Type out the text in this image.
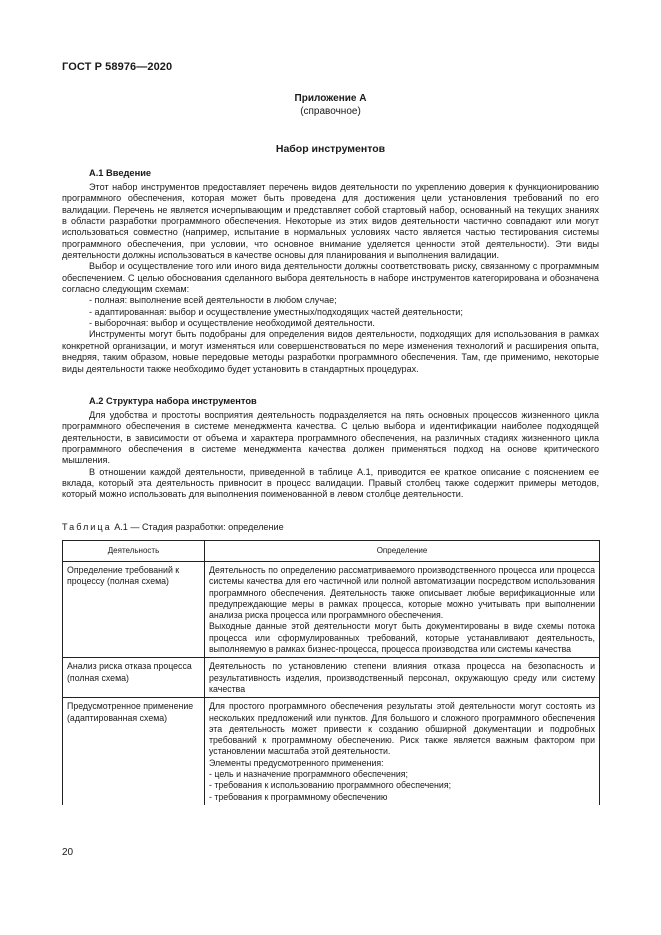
ГОСТ Р 58976—2020
Приложение А
(справочное)
Набор инструментов
А.1 Введение

Этот набор инструментов предоставляет перечень видов деятельности по укреплению доверия к функционированию программного обеспечения, которая может быть проведена для достижения цели установления требований по его валидации. Перечень не является исчерпывающим и представляет собой стартовый набор, основанный на текущих знаниях в области разработки программного обеспечения. Некоторые из этих видов деятельности частично совпадают или могут использоваться совместно (например, испытание в нормальных условиях часто является частью тестирования системы программного обеспечения, при условии, что основное внимание уделяется ценности этой деятельности). Эти виды деятельности должны использоваться в качестве основы для планирования и выполнения валидации.

Выбор и осуществление того или иного вида деятельности должны соответствовать риску, связанному с программным обеспечением. С целью обоснования сделанного выбора деятельность в наборе инструментов категорирована и обозначена согласно следующим схемам:

- полная: выполнение всей деятельности в любом случае;

- адаптированная: выбор и осуществление уместных/подходящих частей деятельности;

- выборочная: выбор и осуществление необходимой деятельности.

Инструменты могут быть подобраны для определения видов деятельности, подходящих для использования в рамках конкретной организации, и могут изменяться или совершенствоваться по мере изменения технологий и расширения опыта, внедряя, таким образом, новые передовые методы разработки программного обеспечения. Там, где применимо, некоторые виды деятельности также необходимо будет установить в стандартных процедурах.

А.2 Структура набора инструментов

Для удобства и простоты восприятия деятельность подразделяется на пять основных процессов жизненного цикла программного обеспечения в системе менеджмента качества. С целью выбора и идентификации наиболее подходящей деятельности, в зависимости от объема и характера программного обеспечения, на различных стадиях жизненного цикла программного обеспечения в системе менеджмента качества должен применяться подход на основе критического мышления.

В отношении каждой деятельности, приведенной в таблице А.1, приводится ее краткое описание с пояснением ее вклада, который эта деятельность привносит в процесс валидации. Правый столбец также содержит примеры методов, который можно использовать для выполнения поименованной в левом столбце деятельности.

Таблица А.1 — Стадия разработки: определение
Деятельность	Определение
Определение требований к процессу (полная схема)	Деятельность по определению рассматриваемого производственного процесса или процесса системы качества для его частичной или полной автоматизации посредством использования программного обеспечения. Деятельность также описывает любые верификационные или предупреждающие меры в рамках процесса, которые можно учитывать при выполнении анализа риска процесса или программного обеспечения.
Выходные данные этой деятельности могут быть документированы в виде схемы потока процесса или сформулированных требований, которые устанавливают деятельность, выполняемую в рамках бизнес-процесса, процесса производства или системы качества

Анализ риска отказа процесса (полная схема)	Деятельность по установлению степени влияния отказа процесса на безопасность и результативность изделия, производственный персонал, окружающую среду или систему качества

Предусмотренное применение (адаптированная схема)	Для простого программного обеспечения результаты этой деятельности могут состоять из нескольких предложений или пунктов. Для большого и сложного программного обеспечения эта деятельность может привести к созданию обширной документации и подробных требований к программному обеспечению. Риск также является важным фактором при установлении масштаба этой деятельности.
Элементы предусмотренного применения:
- цель и назначение программного обеспечения;
- требования к использованию программного обеспечения;
- требования к программному обеспечению
20
